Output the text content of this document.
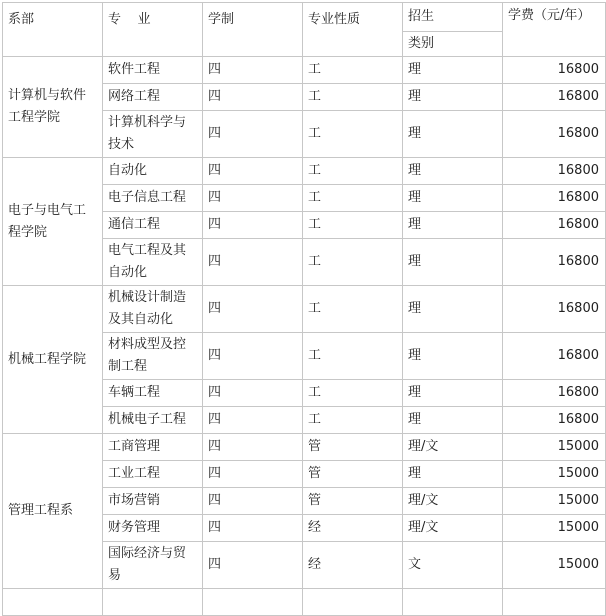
系部	专    业	学制	专业性质	招生	学费（元/年）
				类别	
计算机与软件工程学院	软件工程	四	工	理	16800
	网络工程	四	工	理	16800
	计算机科学与技术	四	工	理	16800
电子与电气工程学院	自动化	四	工	理	16800
	电子信息工程	四	工	理	16800
	通信工程	四	工	理	16800
	电气工程及其自动化	四	工	理	16800
机械工程学院	机械设计制造及其自动化	四	工	理	16800
	材料成型及控制工程	四	工	理	16800
	车辆工程	四	工	理	16800
	机械电子工程	四	工	理	16800
管理工程系	工商管理	四	管	理/文	15000
	工业工程	四	管	理	15000
	市场营销	四	管	理/文	15000
	财务管理	四	经	理/文	15000
	国际经济与贸易	四	经	文	15000
